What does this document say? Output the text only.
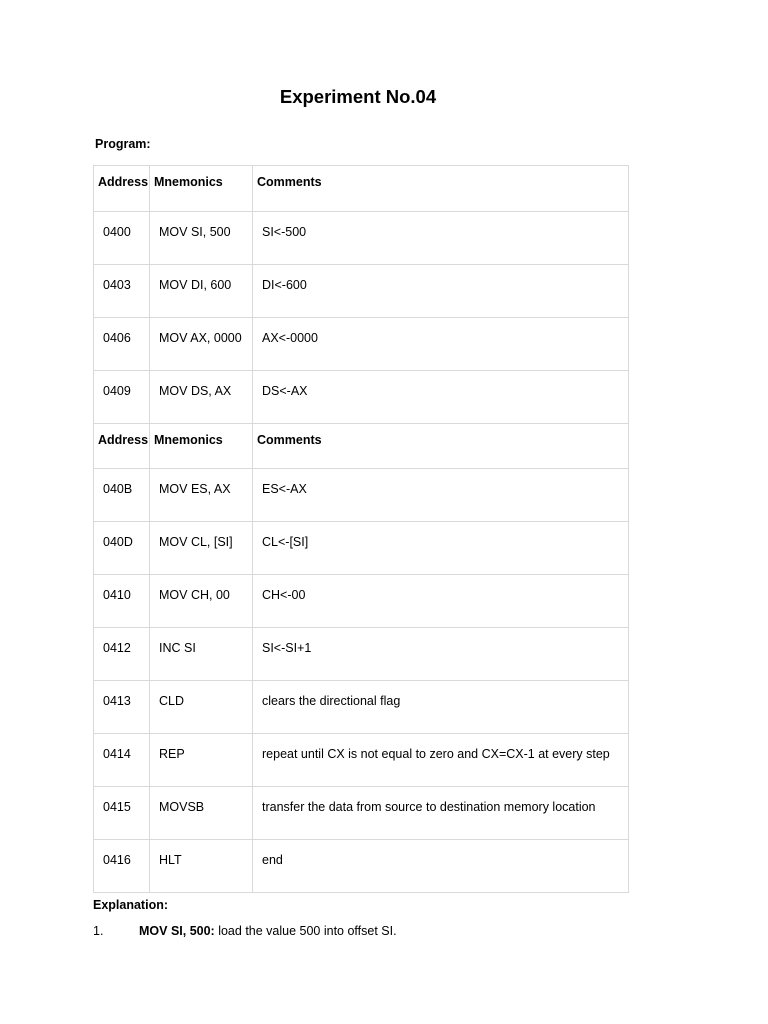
Experiment No.04
Program:
Address	Mnemonics	Comments
0400	MOV SI, 500	SI<-500
0403	MOV DI, 600	DI<-600
0406	MOV AX, 0000	AX<-0000
0409	MOV DS, AX	DS<-AX
Address	Mnemonics	Comments
040B	MOV ES, AX	ES<-AX
040D	MOV CL, [SI]	CL<-[SI]
0410	MOV CH, 00	CH<-00
0412	INC SI	SI<-SI+1
0413	CLD	clears the directional flag
0414	REP	repeat until CX is not equal to zero and CX=CX-1 at every step
0415	MOVSB	transfer the data from source to destination memory location
0416	HLT	end
Explanation:
1.	MOV SI, 500: load the value 500 into offset SI.
